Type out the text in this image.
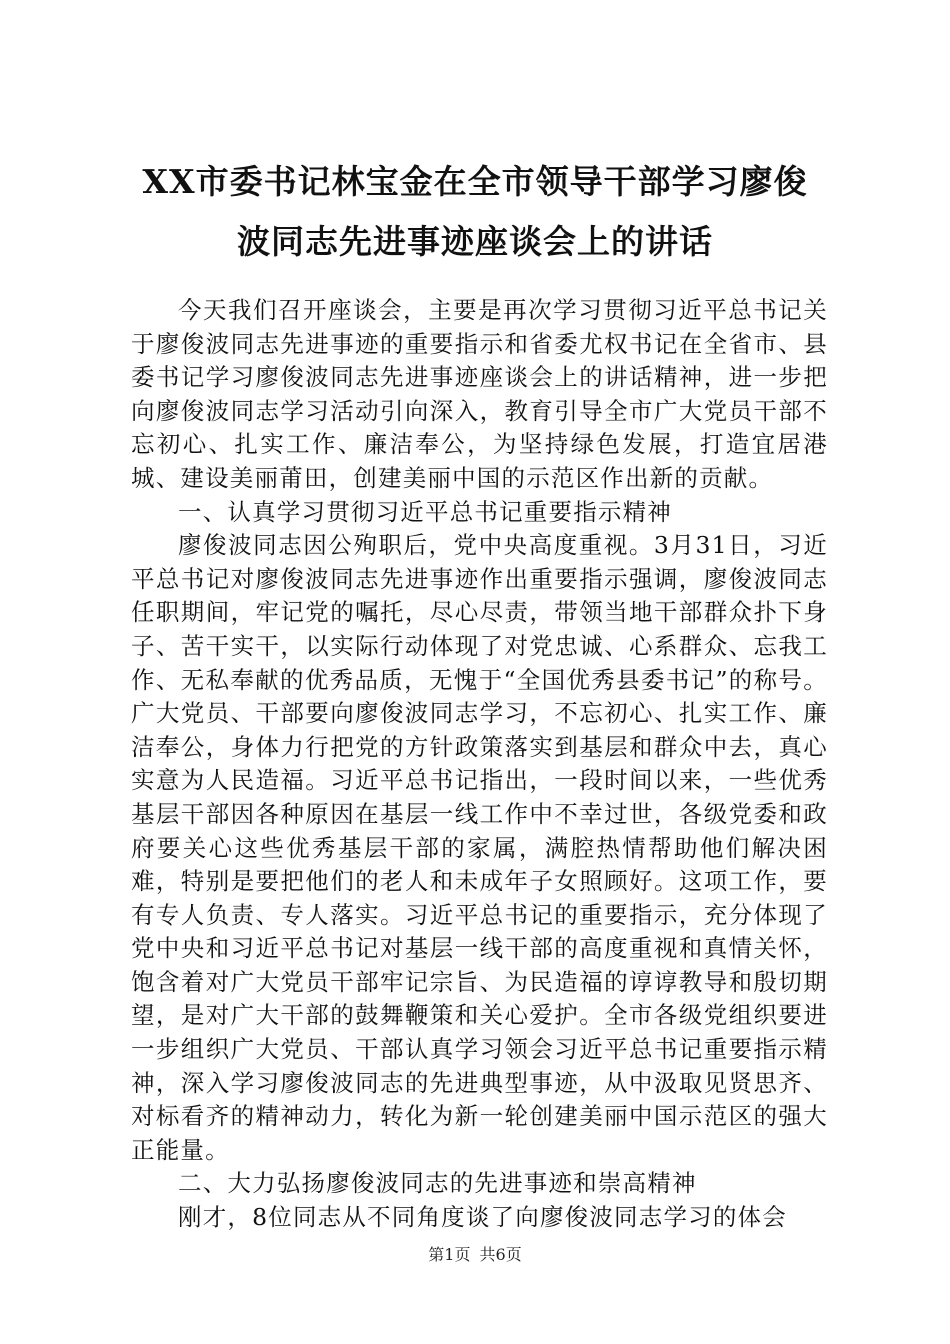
XX市委书记林宝金在全市领导干部学习廖俊
波同志先进事迹座谈会上的讲话

今天我们召开座谈会，主要是再次学习贯彻习近平总书记关于廖俊波同志先进事迹的重要指示和省委尤权书记在全省市、县委书记学习廖俊波同志先进事迹座谈会上的讲话精神，进一步把向廖俊波同志学习活动引向深入，教育引导全市广大党员干部不忘初心、扎实工作、廉洁奉公，为坚持绿色发展，打造宜居港城、建设美丽莆田，创建美丽中国的示范区作出新的贡献。

一、认真学习贯彻习近平总书记重要指示精神

廖俊波同志因公殉职后，党中央高度重视。3月31日，习近平总书记对廖俊波同志先进事迹作出重要指示强调，廖俊波同志任职期间，牢记党的嘱托，尽心尽责，带领当地干部群众扑下身子、苦干实干，以实际行动体现了对党忠诚、心系群众、忘我工作、无私奉献的优秀品质，无愧于“全国优秀县委书记”的称号。广大党员、干部要向廖俊波同志学习，不忘初心、扎实工作、廉洁奉公，身体力行把党的方针政策落实到基层和群众中去，真心实意为人民造福。习近平总书记指出，一段时间以来，一些优秀基层干部因各种原因在基层一线工作中不幸过世，各级党委和政府要关心这些优秀基层干部的家属，满腔热情帮助他们解决困难，特别是要把他们的老人和未成年子女照顾好。这项工作，要有专人负责、专人落实。习近平总书记的重要指示，充分体现了党中央和习近平总书记对基层一线干部的高度重视和真情关怀，饱含着对广大党员干部牢记宗旨、为民造福的谆谆教导和殷切期望，是对广大干部的鼓舞鞭策和关心爱护。全市各级党组织要进一步组织广大党员、干部认真学习领会习近平总书记重要指示精神，深入学习廖俊波同志的先进典型事迹，从中汲取见贤思齐、对标看齐的精神动力，转化为新一轮创建美丽中国示范区的强大正能量。

二、大力弘扬廖俊波同志的先进事迹和崇高精神

刚才，8位同志从不同角度谈了向廖俊波同志学习的体会

第1页 共6页
